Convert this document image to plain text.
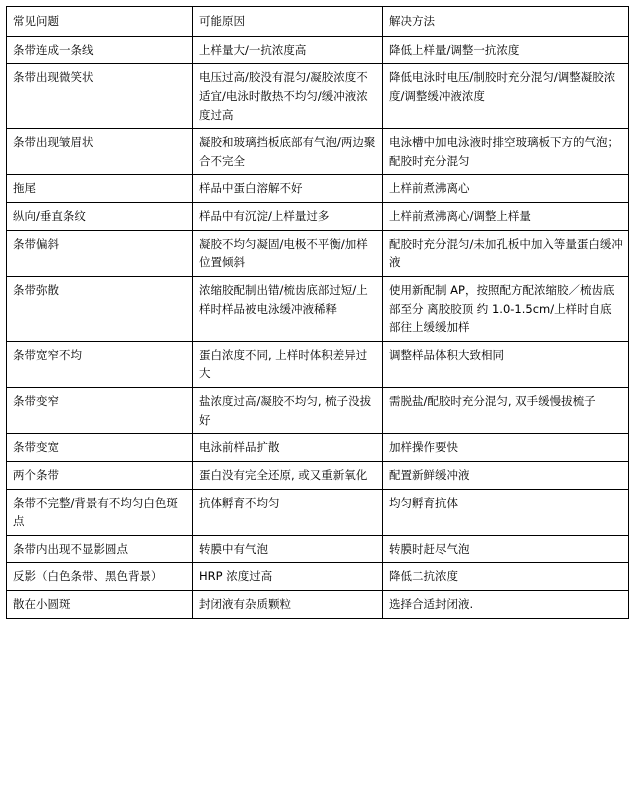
常见问题	可能原因	解决方法
条带连成一条线	上样量大/一抗浓度高	降低上样量/调整一抗浓度
条带出现微笑状	电压过高/胶没有混匀/凝胶浓度不适宜/电泳时散热不均匀/缓冲液浓度过高	降低电泳时电压/制胶时充分混匀/调整凝胶浓度/调整缓冲液浓度
条带出现皱眉状	凝胶和玻璃挡板底部有气泡/两边聚合不完全	电泳槽中加电泳液时排空玻璃板下方的气泡；配胶时充分混匀
拖尾	样品中蛋白溶解不好	上样前煮沸离心
纵向/垂直条纹	样品中有沉淀/上样量过多	上样前煮沸离心/调整上样量
条带偏斜	凝胶不均匀凝固/电极不平衡/加样位置倾斜	配胶时充分混匀/未加孔板中加入等量蛋白缓冲液
条带弥散	浓缩胶配制出错/梳齿底部过短/上样时样品被电泳缓冲液稀释	使用新配制 AP，按照配方配浓缩胶／梳齿底部至分 离胶胶顶 约 1.0-1.5cm/上样时自底部往上缓缓加样
条带宽窄不均	蛋白浓度不同, 上样时体积差异过大	调整样品体积大致相同
条带变窄	盐浓度过高/凝胶不均匀, 梳子没拔好	需脱盐/配胶时充分混匀, 双手缓慢拔梳子
条带变宽	电泳前样品扩散	加样操作要快
两个条带	蛋白没有完全还原, 或又重新氧化	配置新鲜缓冲液
条带不完整/背景有不均匀白色斑点	抗体孵育不均匀	均匀孵育抗体
条带内出现不显影圆点	转膜中有气泡	转膜时赶尽气泡
反影（白色条带、黑色背景）	HRP 浓度过高	降低二抗浓度
散在小圆斑	封闭液有杂质颗粒	选择合适封闭液.
